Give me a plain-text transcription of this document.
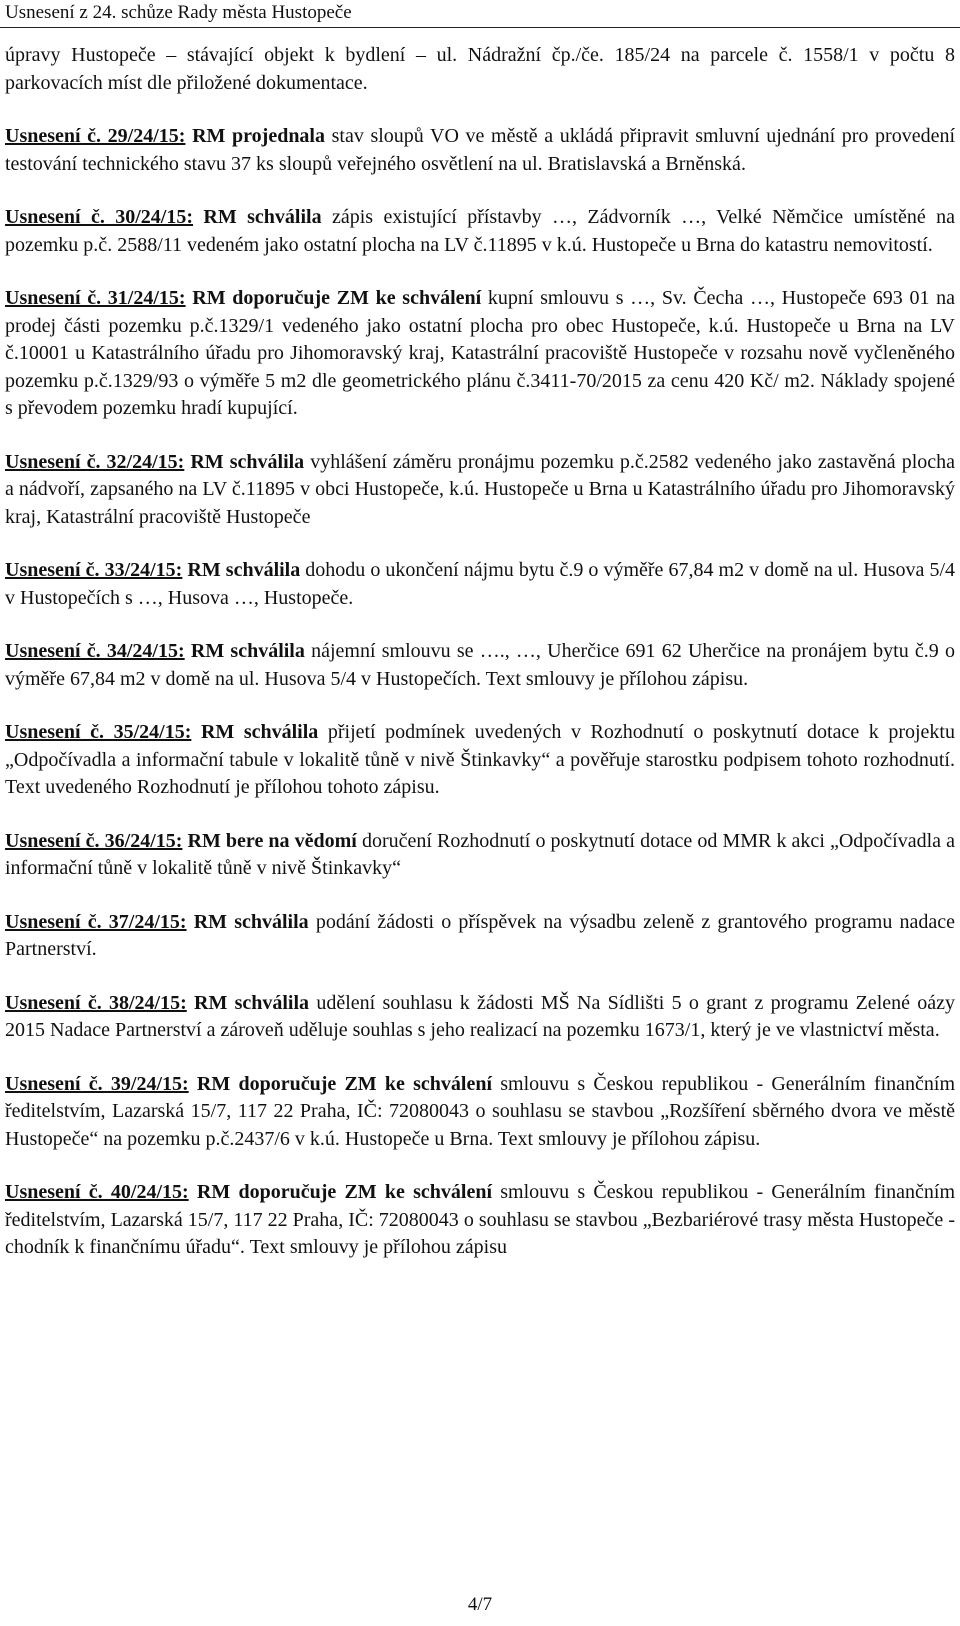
Usnesení z 24. schůze Rady města Hustopeče

úpravy Hustopeče – stávající objekt k bydlení – ul. Nádražní čp./če. 185/24 na parcele č. 1558/1 v počtu 8 parkovacích míst dle přiložené dokumentace.

Usnesení č. 29/24/15: RM projednala stav sloupů VO ve městě a ukládá připravit smluvní ujednání pro provedení testování technického stavu 37 ks sloupů veřejného osvětlení na ul. Bratislavská a Brněnská.

Usnesení č. 30/24/15: RM schválila zápis existující přístavby …, Zádvorník …, Velké Němčice umístěné na pozemku p.č. 2588/11 vedeném jako ostatní plocha na LV č.11895 v k.ú. Hustopeče u Brna do katastru nemovitostí.

Usnesení č. 31/24/15: RM doporučuje ZM ke schválení kupní smlouvu s …, Sv. Čecha …, Hustopeče 693 01 na prodej části pozemku p.č.1329/1 vedeného jako ostatní plocha pro obec Hustopeče, k.ú. Hustopeče u Brna na LV č.10001 u Katastrálního úřadu pro Jihomoravský kraj, Katastrální pracoviště Hustopeče v rozsahu nově vyčleněného pozemku p.č.1329/93 o výměře 5 m2 dle geometrického plánu č.3411-70/2015 za cenu 420 Kč/ m2. Náklady spojené s převodem pozemku hradí kupující.

Usnesení č. 32/24/15: RM schválila vyhlášení záměru pronájmu pozemku p.č.2582 vedeného jako zastavěná plocha a nádvoří, zapsaného na LV č.11895 v obci Hustopeče, k.ú. Hustopeče u Brna u Katastrálního úřadu pro Jihomoravský kraj, Katastrální pracoviště Hustopeče

Usnesení č. 33/24/15: RM schválila dohodu o ukončení nájmu bytu č.9 o výměře 67,84 m2 v domě na ul. Husova 5/4 v Hustopečích s …, Husova …, Hustopeče.

Usnesení č. 34/24/15: RM schválila nájemní smlouvu se …., …, Uherčice 691 62 Uherčice na pronájem bytu č.9 o výměře 67,84 m2 v domě na ul. Husova 5/4 v Hustopečích. Text smlouvy je přílohou zápisu.

Usnesení č. 35/24/15: RM schválila přijetí podmínek uvedených v Rozhodnutí o poskytnutí dotace k projektu „Odpočívadla a informační tabule v lokalitě tůně v nivě Štinkavky“ a pověřuje starostku podpisem tohoto rozhodnutí. Text uvedeného Rozhodnutí je přílohou tohoto zápisu.

Usnesení č. 36/24/15: RM bere na vědomí doručení Rozhodnutí o poskytnutí dotace od MMR k akci „Odpočívadla a informační tůně v lokalitě tůně v nivě Štinkavky“

Usnesení č. 37/24/15: RM schválila podání žádosti o příspěvek na výsadbu zeleně z grantového programu nadace Partnerství.

Usnesení č. 38/24/15: RM schválila udělení souhlasu k žádosti MŠ Na Sídlišti 5 o grant z programu Zelené oázy 2015 Nadace Partnerství a zároveň uděluje souhlas s jeho realizací na pozemku 1673/1, který je ve vlastnictví města.

Usnesení č. 39/24/15: RM doporučuje ZM ke schválení smlouvu s Českou republikou - Generálním finančním ředitelstvím, Lazarská 15/7, 117 22 Praha, IČ: 72080043 o souhlasu se stavbou „Rozšíření sběrného dvora ve městě Hustopeče“ na pozemku p.č.2437/6 v k.ú. Hustopeče u Brna. Text smlouvy je přílohou zápisu.

Usnesení č. 40/24/15: RM doporučuje ZM ke schválení smlouvu s Českou republikou - Generálním finančním ředitelstvím, Lazarská 15/7, 117 22 Praha, IČ: 72080043 o souhlasu se stavbou „Bezbariérové trasy města Hustopeče - chodník k finančnímu úřadu“. Text smlouvy je přílohou zápisu

4/7
